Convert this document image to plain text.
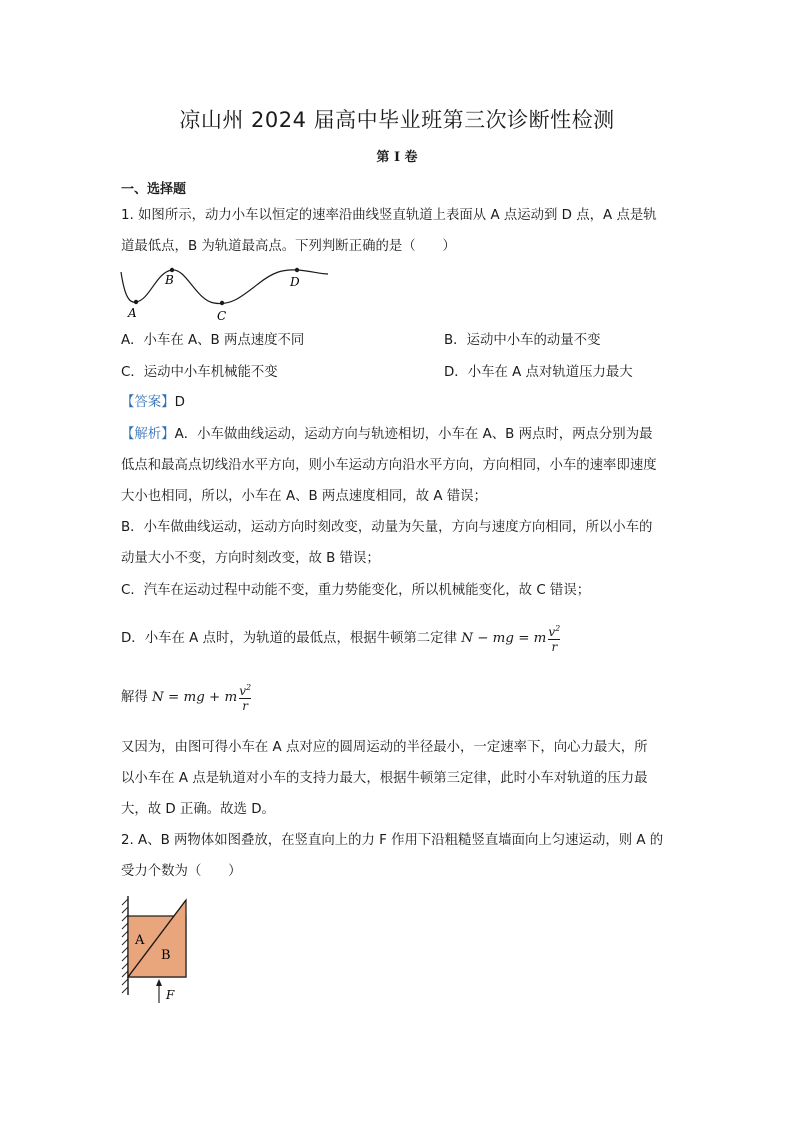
凉山州 2024 届高中毕业班第三次诊断性检测
第 I 卷
一、选择题

1. 如图所示，动力小车以恒定的速率沿曲线竖直轨道上表面从 A 点运动到 D 点，A 点是轨

道最低点，B 为轨道最高点。下列判断正确的是（　　）

A
B
C
D
A．小车在 A、B 两点速度不同	B．运动中小车的动量不变
C．运动中小车机械能不变	D．小车在 A 点对轨道压力最大
【答案】D

【解析】A．小车做曲线运动，运动方向与轨迹相切，小车在 A、B 两点时，两点分别为最

低点和最高点切线沿水平方向，则小车运动方向沿水平方向，方向相同，小车的速率即速度

大小也相同，所以，小车在 A、B 两点速度相同，故 A 错误；

B．小车做曲线运动，运动方向时刻改变，动量为矢量，方向与速度方向相同，所以小车的

动量大小不变，方向时刻改变，故 B 错误；

C．汽车在运动过程中动能不变，重力势能变化，所以机械能变化，故 C 错误；

D．小车在 A 点时，为轨道的最低点，根据牛顿第二定律 N − mg = m $\frac{v^2}{r}$
解得 N = mg + m $\frac{v^2}{r}$

又因为，由图可得小车在 A 点对应的圆周运动的半径最小，一定速率下，向心力最大，所

以小车在 A 点是轨道对小车的支持力最大，根据牛顿第三定律，此时小车对轨道的压力最

大，故 D 正确。故选 D。

2. A、B 两物体如图叠放，在竖直向上的力 F 作用下沿粗糙竖直墙面向上匀速运动，则 A 的

受力个数为（　　）

A
B
F
